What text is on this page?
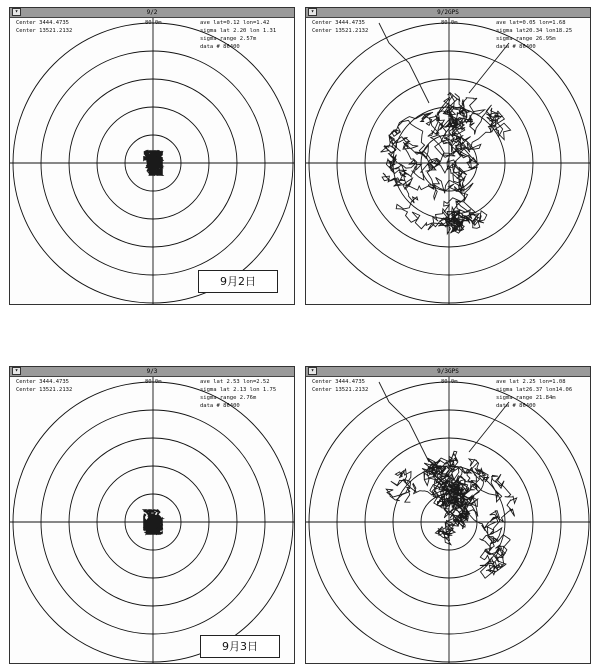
▾	9/2
Center 3444.4735
Center 13521.2132
80.0m	ave lat=0.12 lon=1.42
sigma lat 2.20 lon 1.31
sigma range 2.57m
data # 86400
9月2日
▾	9/2GPS
Center 3444.4735
Center 13521.2132
80.0m	ave lat=0.05 lon=1.68
sigma lat20.34 lon18.25
sigma range 26.95m
data # 86400
▾	9/3
Center 3444.4735
Center 13521.2132
80.0m	ave lat 2.53 lon=2.52
sigma lat 2.13 lon 1.75
sigma range 2.76m
data # 86400
9月3日
▾	9/3GPS
Center 3444.4735
Center 13521.2132
80.0m	ave lat 2.25 lon=1.08
sigma lat26.37 lon14.06
sigma range 21.84m
data # 86400
